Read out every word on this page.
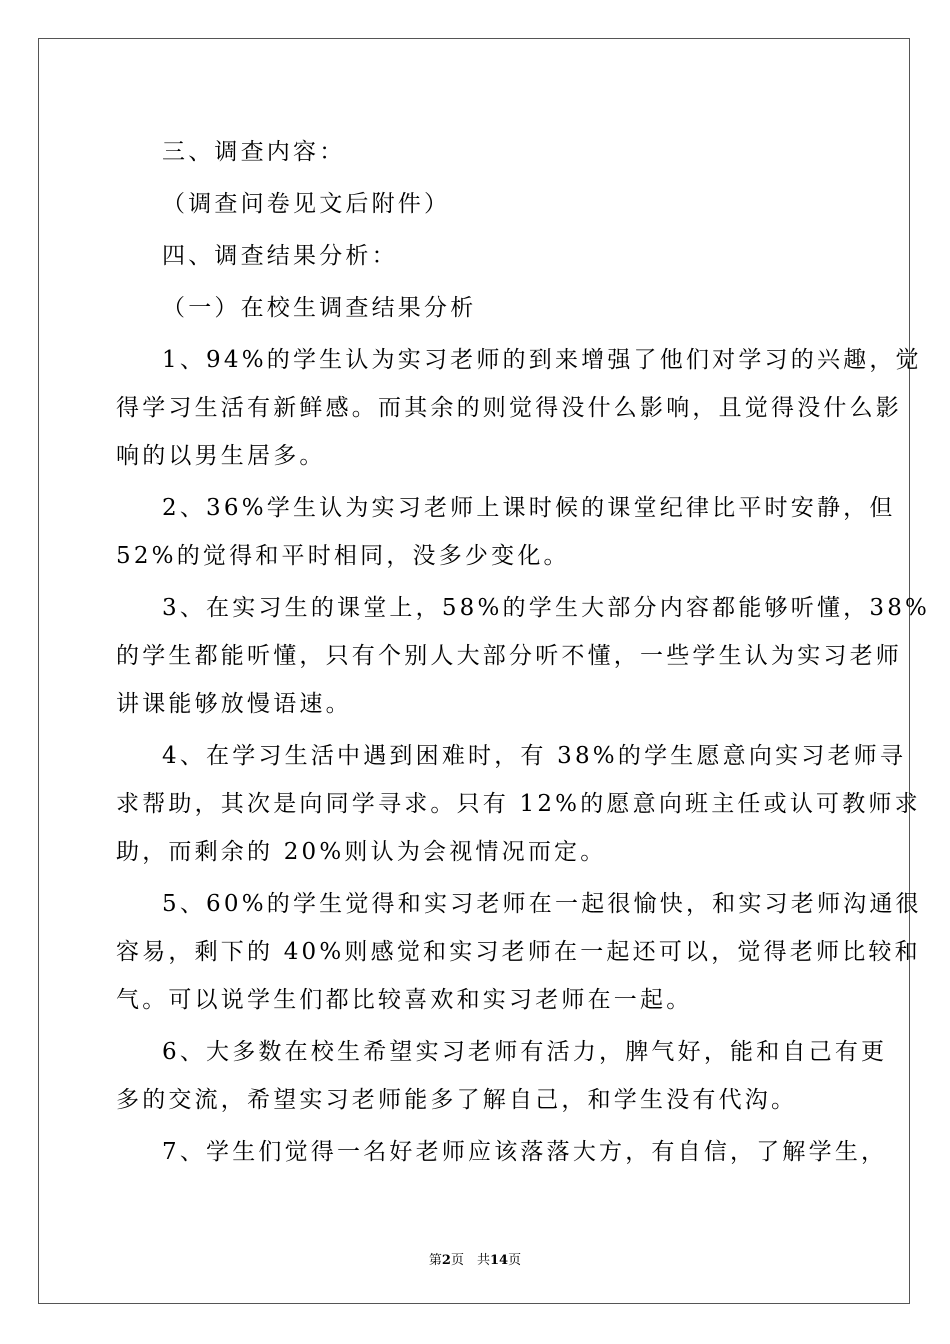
三、调查内容：

（调查问卷见文后附件）

四、调查结果分析：

（一）在校生调查结果分析

1、94%的学生认为实习老师的到来增强了他们对学习的兴趣，觉
得学习生活有新鲜感。而其余的则觉得没什么影响，且觉得没什么影
响的以男生居多。
2、36%学生认为实习老师上课时候的课堂纪律比平时安静，但
52%的觉得和平时相同，没多少变化。
3、在实习生的课堂上，58%的学生大部分内容都能够听懂，38%
的学生都能听懂，只有个别人大部分听不懂，一些学生认为实习老师
讲课能够放慢语速。
4、在学习生活中遇到困难时，有 38%的学生愿意向实习老师寻
求帮助，其次是向同学寻求。只有 12%的愿意向班主任或认可教师求
助，而剩余的 20%则认为会视情况而定。
5、60%的学生觉得和实习老师在一起很愉快，和实习老师沟通很
容易，剩下的 40%则感觉和实习老师在一起还可以，觉得老师比较和
气。可以说学生们都比较喜欢和实习老师在一起。
6、大多数在校生希望实习老师有活力，脾气好，能和自己有更
多的交流，希望实习老师能多了解自己，和学生没有代沟。
7、学生们觉得一名好老师应该落落大方，有自信，了解学生，
第2页　共14页
